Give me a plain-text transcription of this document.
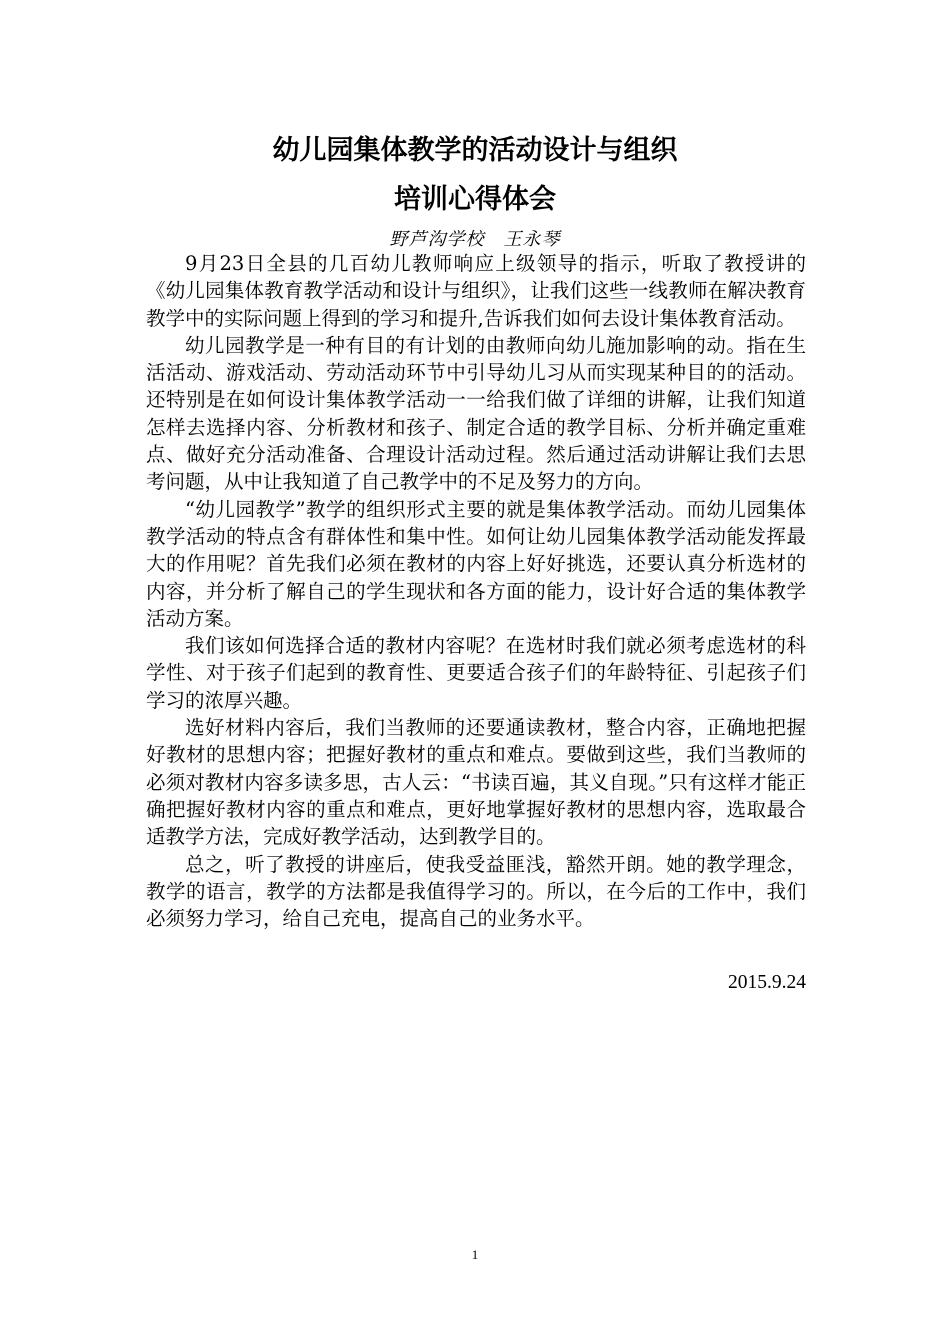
幼儿园集体教学的活动设计与组织
培训心得体会

野芦沟学校　王永琴

9月23日全县的几百幼儿教师响应上级领导的指示，听取了教授讲的《幼儿园集体教育教学活动和设计与组织》，让我们这些一线教师在解决教育教学中的实际问题上得到的学习和提升,告诉我们如何去设计集体教育活动。

幼儿园教学是一种有目的有计划的由教师向幼儿施加影响的动。指在生活活动、游戏活动、劳动活动环节中引导幼儿习从而实现某种目的的活动。还特别是在如何设计集体教学活动一一给我们做了详细的讲解，让我们知道怎样去选择内容、分析教材和孩子、制定合适的教学目标、分析并确定重难点、做好充分活动准备、合理设计活动过程。然后通过活动讲解让我们去思考问题，从中让我知道了自己教学中的不足及努力的方向。

“幼儿园教学”教学的组织形式主要的就是集体教学活动。而幼儿园集体教学活动的特点含有群体性和集中性。如何让幼儿园集体教学活动能发挥最大的作用呢？首先我们必须在教材的内容上好好挑选，还要认真分析选材的内容，并分析了解自己的学生现状和各方面的能力，设计好合适的集体教学活动方案。

我们该如何选择合适的教材内容呢？在选材时我们就必须考虑选材的科学性、对于孩子们起到的教育性、更要适合孩子们的年龄特征、引起孩子们学习的浓厚兴趣。

选好材料内容后，我们当教师的还要通读教材，整合内容，正确地把握好教材的思想内容；把握好教材的重点和难点。要做到这些，我们当教师的必须对教材内容多读多思，古人云：“书读百遍，其义自现。”只有这样才能正确把握好教材内容的重点和难点，更好地掌握好教材的思想内容，选取最合适教学方法，完成好教学活动，达到教学目的。

总之，听了教授的讲座后，使我受益匪浅，豁然开朗。她的教学理念，教学的语言，教学的方法都是我值得学习的。所以，在今后的工作中，我们必须努力学习，给自己充电，提高自己的业务水平。

2015.9.24

1
